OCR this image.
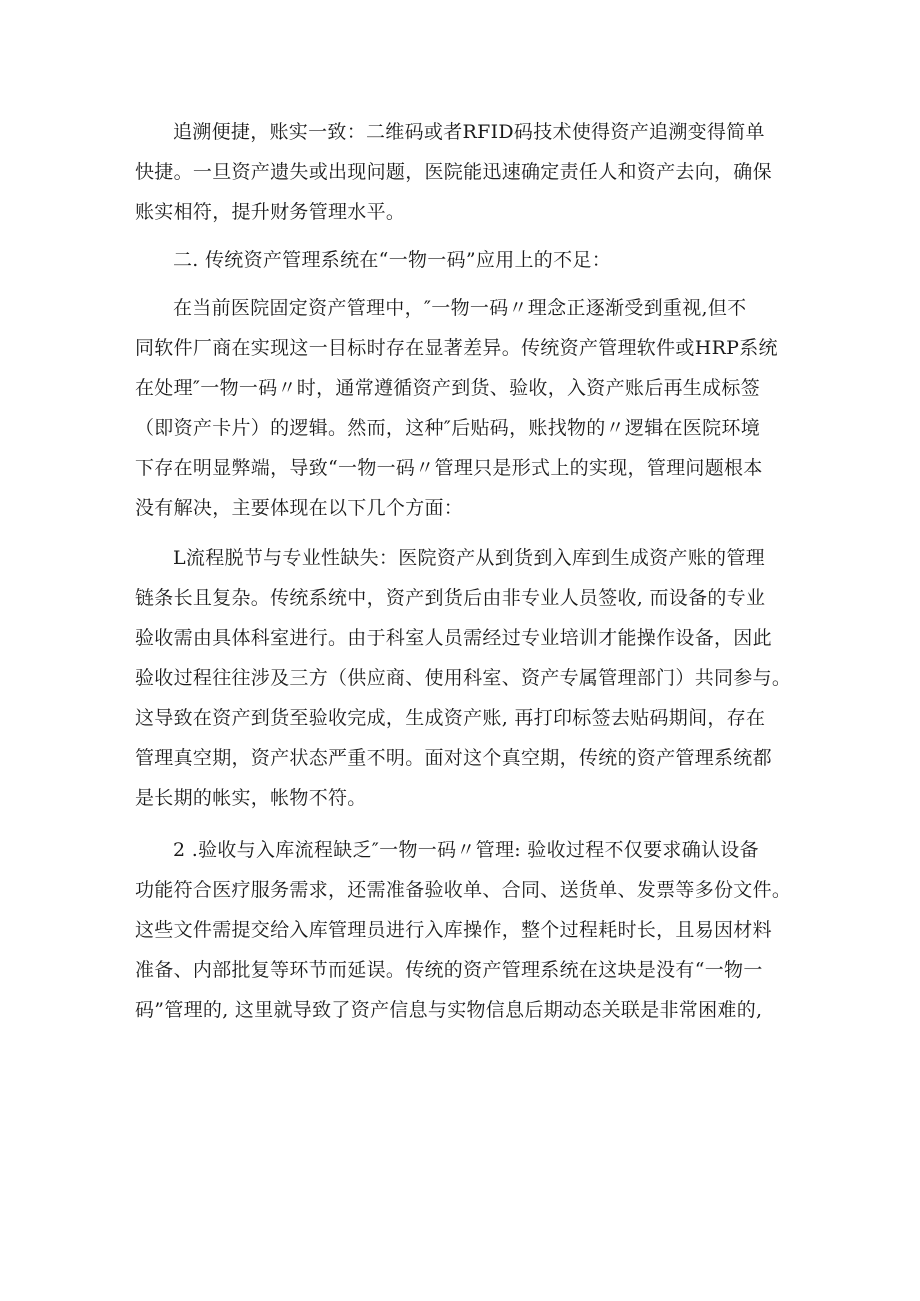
追溯便捷，账实一致：二维码或者RFID码技术使得资产追溯变得简单
快捷。一旦资产遗失或出现问题，医院能迅速确定责任人和资产去向，确保
账实相符，提升财务管理水平。

二. 传统资产管理系统在“一物一码”应用上的不足：

在当前医院固定资产管理中，″一物一码〃理念正逐渐受到重视,但不
同软件厂商在实现这一目标时存在显著差异。传统资产管理软件或HRP系统
在处理″一物一码〃时，通常遵循资产到货、验收，入资产账后再生成标签
（即资产卡片）的逻辑。然而，这种″后贴码，账找物的〃逻辑在医院环境
下存在明显弊端，导致“一物一码〃管理只是形式上的实现，管理问题根本
没有解决，主要体现在以下几个方面：

L流程脱节与专业性缺失：医院资产从到货到入库到生成资产账的管理
链条长且复杂。传统系统中，资产到货后由非专业人员签收, 而设备的专业
验收需由具体科室进行。由于科室人员需经过专业培训才能操作设备，因此
验收过程往往涉及三方（供应商、使用科室、资产专属管理部门）共同参与。
这导致在资产到货至验收完成，生成资产账, 再打印标签去贴码期间，存在
管理真空期，资产状态严重不明。面对这个真空期，传统的资产管理系统都
是长期的帐实，帐物不符。

2 .验收与入库流程缺乏″一物一码〃管理: 验收过程不仅要求确认设备
功能符合医疗服务需求，还需准备验收单、合同、送货单、发票等多份文件。
这些文件需提交给入库管理员进行入库操作，整个过程耗时长，且易因材料
准备、内部批复等环节而延误。传统的资产管理系统在这块是没有“一物一
码”管理的, 这里就导致了资产信息与实物信息后期动态关联是非常困难的,
